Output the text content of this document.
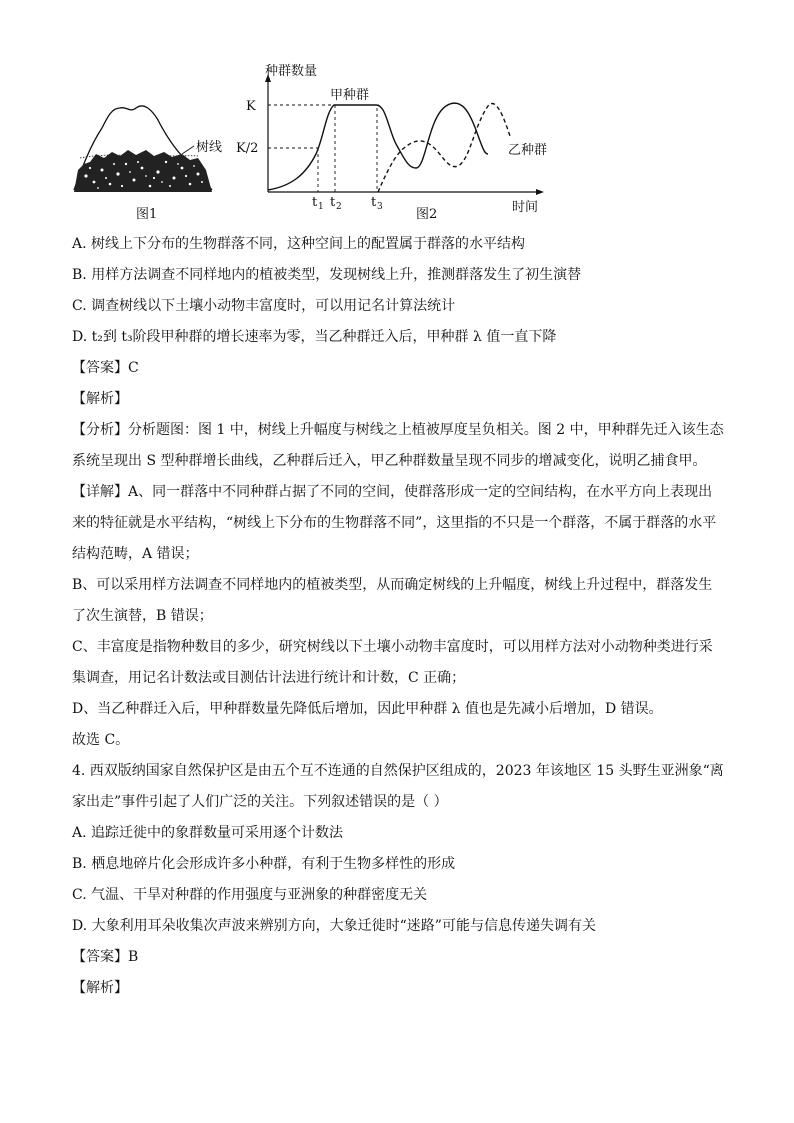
树线
图1
种群数量
时间
K
K/2
甲种群
乙种群
t 1 t 2 t 3	图2
A. 树线上下分布的生物群落不同，这种空间上的配置属于群落的水平结构
B. 用样方法调查不同样地内的植被类型，发现树线上升，推测群落发生了初生演替
C. 调查树线以下土壤小动物丰富度时，可以用记名计算法统计
D. t₂到 t₃阶段甲种群的增长速率为零，当乙种群迁入后，甲种群 λ 值一直下降
【答案】C
【解析】
【分析】分析题图：图 1 中，树线上升幅度与树线之上植被厚度呈负相关。图 2 中，甲种群先迁入该生态
系统呈现出 S 型种群增长曲线，乙种群后迁入，甲乙种群数量呈现不同步的增减变化，说明乙捕食甲。
【详解】A、同一群落中不同种群占据了不同的空间，使群落形成一定的空间结构，在水平方向上表现出
来的特征就是水平结构，“树线上下分布的生物群落不同”，这里指的不只是一个群落，不属于群落的水平
结构范畴，A 错误；
B、可以采用样方法调查不同样地内的植被类型，从而确定树线的上升幅度，树线上升过程中，群落发生
了次生演替，B 错误；
C、丰富度是指物种数目的多少，研究树线以下土壤小动物丰富度时，可以用样方法对小动物种类进行采
集调查，用记名计数法或目测估计法进行统计和计数，C 正确；
D、当乙种群迁入后，甲种群数量先降低后增加，因此甲种群 λ 值也是先减小后增加，D 错误。
故选 C。
4. 西双版纳国家自然保护区是由五个互不连通的自然保护区组成的，2023 年该地区 15 头野生亚洲象“离
家出走”事件引起了人们广泛的关注。下列叙述错误的是（ ）
A. 追踪迁徙中的象群数量可采用逐个计数法
B. 栖息地碎片化会形成许多小种群，有利于生物多样性的形成
C. 气温、干旱对种群的作用强度与亚洲象的种群密度无关
D. 大象利用耳朵收集次声波来辨别方向，大象迁徙时“迷路”可能与信息传递失调有关
【答案】B
【解析】
